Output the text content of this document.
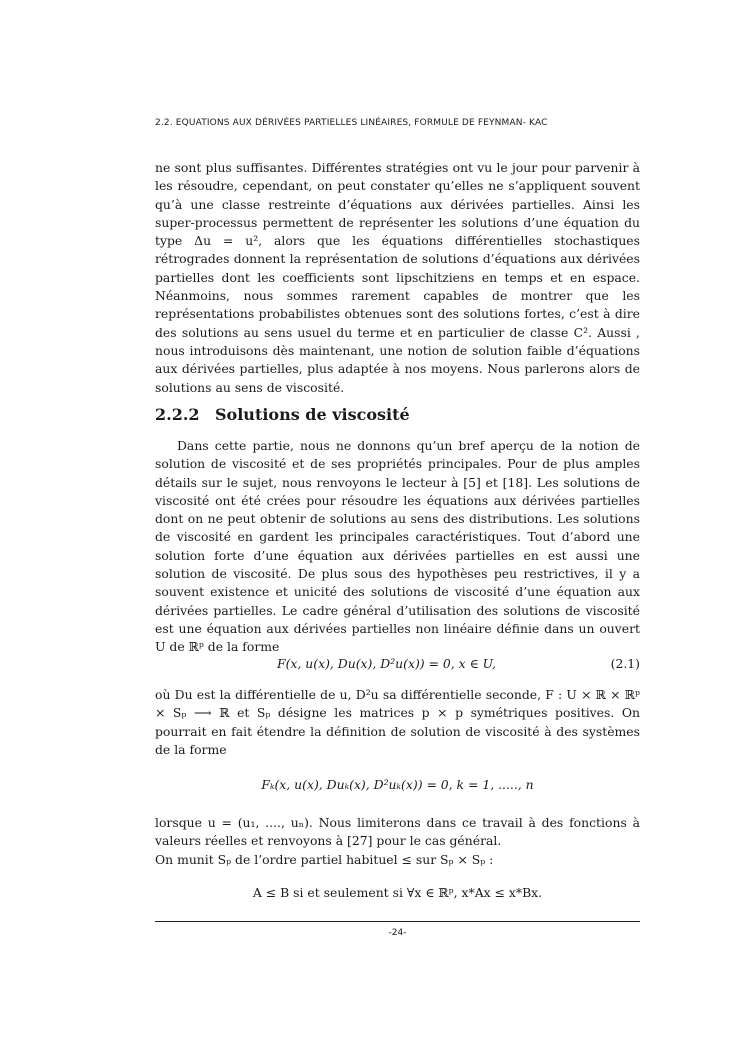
2.2. EQUATIONS AUX DÉRIVÉES PARTIELLES LINÉAIRES, FORMULE DE FEYNMAN- KAC
ne sont plus suffisantes. Différentes stratégies ont vu le jour pour parvenir à les résoudre, cependant, on peut constater qu’elles ne s’appliquent souvent qu’à une classe restreinte d’équations aux dérivées partielles. Ainsi les super-processus permettent de représenter les solutions d’une équation du type Δu = u², alors que les équations différentielles stochastiques rétrogrades donnent la représentation de solutions d’équations aux dérivées partielles dont les coefficients sont lipschitziens en temps et en espace. Néanmoins, nous sommes rarement capables de montrer que les représentations probabilistes obtenues sont des solutions fortes, c’est à dire des solutions au sens usuel du terme et en particulier de classe C². Aussi , nous introduisons dès maintenant, une notion de solution faible d’équations aux dérivées partielles, plus adaptée à nos moyens. Nous parlerons alors de solutions au sens de viscosité.
2.2.2 Solutions de viscosité
Dans cette partie, nous ne donnons qu’un bref aperçu de la notion de solution de viscosité et de ses propriétés principales. Pour de plus amples détails sur le sujet, nous renvoyons le lecteur à [5] et [18]. Les solutions de viscosité ont été crées pour résoudre les équations aux dérivées partielles dont on ne peut obtenir de solutions au sens des distributions. Les solutions de viscosité en gardent les principales caractéristiques. Tout d’abord une solution forte d’une équation aux dérivées partielles en est aussi une solution de viscosité. De plus sous des hypothèses peu restrictives, il y a souvent existence et unicité des solutions de viscosité d’une équation aux dérivées partielles. Le cadre général d’utilisation des solutions de viscosité est une équation aux dérivées partielles non linéaire définie dans un ouvert U de ℝᵖ de la forme
F(x, u(x), Du(x), D²u(x)) = 0, x ∈ U,	(2.1)
où Du est la différentielle de u, D²u sa différentielle seconde, F : U × ℝ × ℝᵖ × Sₚ ⟶ ℝ et Sₚ désigne les matrices p × p symétriques positives. On pourrait en fait étendre la définition de solution de viscosité à des systèmes de la forme
Fₖ(x, u(x), Duₖ(x), D²uₖ(x)) = 0, k = 1, ....., n
lorsque u = (u₁, ...., uₙ). Nous limiterons dans ce travail à des fonctions à valeurs réelles et renvoyons à [27] pour le cas général.
On munit Sₚ de l’ordre partiel habituel ≤ sur Sₚ × Sₚ :
A ≤ B si et seulement si ∀x ∈ ℝᵖ, x*Ax ≤ x*Bx.
-24-
